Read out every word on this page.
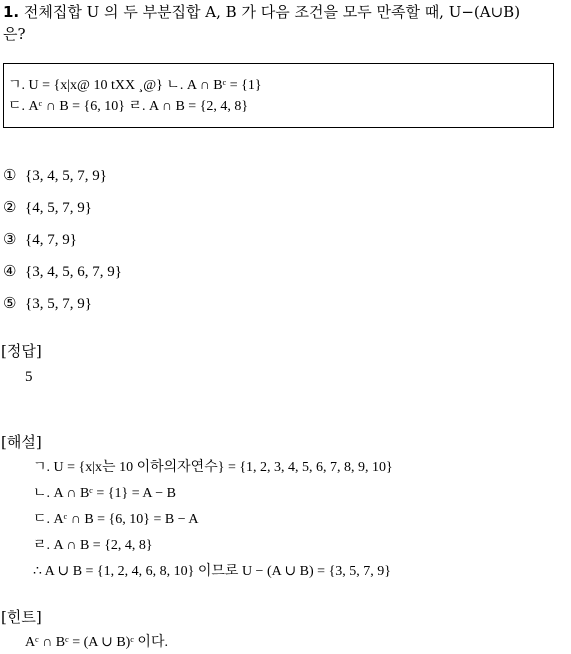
1. 전체집합 U 의 두 부분집합 A, B 가 다음 조건을 모두 만족할 때, U−(A∪B)
은?
ㄱ. U = {x|x@ 10 tXX ¸@} ㄴ. A ∩ Bᶜ = {1}
ㄷ. Aᶜ ∩ B = {6, 10} ㄹ. A ∩ B = {2, 4, 8}
① {3, 4, 5, 7, 9}
② {4, 5, 7, 9}
③ {4, 7, 9}
④ {3, 4, 5, 6, 7, 9}
⑤ {3, 5, 7, 9}
[정답]
5
[해설]
ㄱ. U = {x|x는 10 이하의자연수} = {1, 2, 3, 4, 5, 6, 7, 8, 9, 10}
ㄴ. A ∩ Bᶜ = {1} = A − B
ㄷ. Aᶜ ∩ B = {6, 10} = B − A
ㄹ. A ∩ B = {2, 4, 8}
∴ A ∪ B = {1, 2, 4, 6, 8, 10} 이므로 U − (A ∪ B) = {3, 5, 7, 9}
[힌트]
Aᶜ ∩ Bᶜ = (A ∪ B)ᶜ 이다.
